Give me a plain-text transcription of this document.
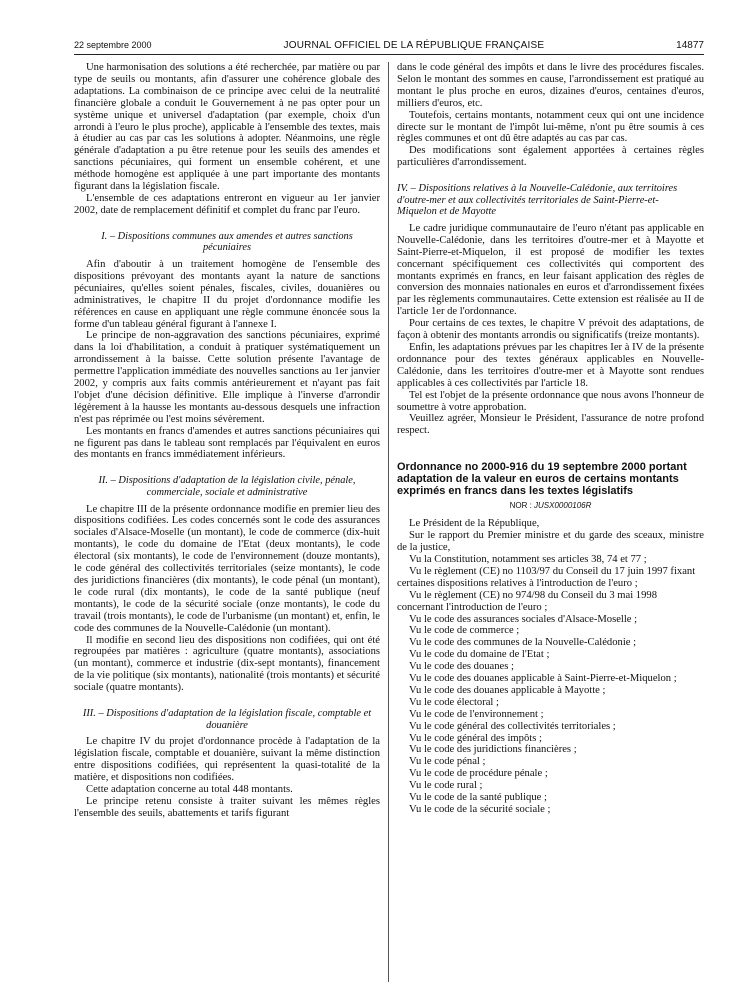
22 septembre 2000	JOURNAL OFFICIEL DE LA RÉPUBLIQUE FRANÇAISE	14877

Une harmonisation des solutions a été recherchée, par matière ou par type de seuils ou montants, afin d'assurer une cohérence globale des adaptations. La combinaison de ce principe avec celui de la neutralité financière globale a conduit le Gouvernement à ne pas opter pour un système unique et universel d'adaptation (par exemple, choix d'un arrondi à l'euro le plus proche), applicable à l'ensemble des textes, mais à étudier au cas par cas les solutions à adopter. Néanmoins, une règle générale d'adaptation a pu être retenue pour les seuils des amendes et sanctions pécuniaires, qui forment un ensemble cohérent, et une méthode homogène est appliquée à une part importante des montants figurant dans la législation fiscale.

L'ensemble de ces adaptations entreront en vigueur au 1er janvier 2002, date de remplacement définitif et complet du franc par l'euro.

I. – Dispositions communes aux amendes et autres sanctions pécuniaires

Afin d'aboutir à un traitement homogène de l'ensemble des dispositions prévoyant des montants ayant la nature de sanctions pécuniaires, qu'elles soient pénales, fiscales, civiles, douanières ou administratives, le chapitre II du projet d'ordonnance modifie les références en cause en appliquant une règle commune énoncée sous la forme d'un tableau général figurant à l'annexe I.

Le principe de non-aggravation des sanctions pécuniaires, exprimé dans la loi d'habilitation, a conduit à pratiquer systématiquement un arrondissement à la baisse. Cette solution présente l'avantage de permettre l'application immédiate des nouvelles sanctions au 1er janvier 2002, y compris aux faits commis antérieurement et n'ayant pas fait l'objet d'une décision définitive. Elle implique à l'inverse d'arrondir légèrement à la hausse les montants au-dessous desquels une infraction n'est pas réprimée ou l'est moins sévèrement.

Les montants en francs d'amendes et autres sanctions pécuniaires qui ne figurent pas dans le tableau sont remplacés par l'équivalent en euros des montants en francs immédiatement inférieurs.

II. – Dispositions d'adaptation de la législation civile, pénale, commerciale, sociale et administrative

Le chapitre III de la présente ordonnance modifie en premier lieu des dispositions codifiées. Les codes concernés sont le code des assurances sociales d'Alsace-Moselle (un montant), le code de commerce (dix-huit montants), le code du domaine de l'Etat (deux montants), le code électoral (six montants), le code de l'environnement (douze montants), le code général des collectivités territoriales (seize montants), le code des juridictions financières (dix montants), le code pénal (un montant), le code rural (dix montants), le code de la santé publique (neuf montants), le code de la sécurité sociale (onze montants), le code du travail (trois montants), le code de l'urbanisme (un montant) et, enfin, le code des communes de la Nouvelle-Calédonie (un montant).

Il modifie en second lieu des dispositions non codifiées, qui ont été regroupées par matières : agriculture (quatre montants), associations (un montant), commerce et industrie (dix-sept montants), financement de la vie politique (six montants), nationalité (trois montants) et sécurité sociale (quatre montants).

III. – Dispositions d'adaptation de la législation fiscale, comptable et douanière

Le chapitre IV du projet d'ordonnance procède à l'adaptation de la législation fiscale, comptable et douanière, suivant la même distinction entre dispositions codifiées, qui représentent la quasi-totalité de la matière, et dispositions non codifiées.

Cette adaptation concerne au total 448 montants.

Le principe retenu consiste à traiter suivant les mêmes règles l'ensemble des seuils, abattements et tarifs figurant

dans le code général des impôts et dans le livre des procédures fiscales. Selon le montant des sommes en cause, l'arrondissement est pratiqué au montant le plus proche en euros, dizaines d'euros, centaines d'euros, milliers d'euros, etc.

Toutefois, certains montants, notamment ceux qui ont une incidence directe sur le montant de l'impôt lui-même, n'ont pu être soumis à ces règles communes et ont dû être adaptés au cas par cas.

Des modifications sont également apportées à certaines règles particulières d'arrondissement.

IV. – Dispositions relatives à la Nouvelle-Calédonie, aux territoires d'outre-mer et aux collectivités territoriales de Saint-Pierre-et-Miquelon et de Mayotte

Le cadre juridique communautaire de l'euro n'étant pas applicable en Nouvelle-Calédonie, dans les territoires d'outre-mer et à Mayotte et Saint-Pierre-et-Miquelon, il est proposé de modifier les textes concernant spécifiquement ces collectivités qui comportent des montants exprimés en francs, en leur faisant application des règles de conversion des monnaies nationales en euros et d'arrondissement fixées par les règlements communautaires. Cette extension est réalisée au II de l'article 1er de l'ordonnance.

Pour certains de ces textes, le chapitre V prévoit des adaptations, de façon à obtenir des montants arrondis ou significatifs (treize montants).

Enfin, les adaptations prévues par les chapitres Ier à IV de la présente ordonnance pour des textes généraux applicables en Nouvelle-Calédonie, dans les territoires d'outre-mer et à Mayotte sont rendues applicables à ces collectivités par l'article 18.

Tel est l'objet de la présente ordonnance que nous avons l'honneur de soumettre à votre approbation.

Veuillez agréer, Monsieur le Président, l'assurance de notre profond respect.

Ordonnance no 2000-916 du 19 septembre 2000 portant adaptation de la valeur en euros de certains montants exprimés en francs dans les textes législatifs
NOR : JUSX0000106R

Le Président de la République,

Sur le rapport du Premier ministre et du garde des sceaux, ministre de la justice,

Vu la Constitution, notamment ses articles 38, 74 et 77 ;

Vu le règlement (CE) no 1103/97 du Conseil du 17 juin 1997 fixant certaines dispositions relatives à l'introduction de l'euro ;

Vu le règlement (CE) no 974/98 du Conseil du 3 mai 1998 concernant l'introduction de l'euro ;

Vu le code des assurances sociales d'Alsace-Moselle ;

Vu le code de commerce ;

Vu le code des communes de la Nouvelle-Calédonie ;

Vu le code du domaine de l'Etat ;

Vu le code des douanes ;

Vu le code des douanes applicable à Saint-Pierre-et-Miquelon ;

Vu le code des douanes applicable à Mayotte ;

Vu le code électoral ;

Vu le code de l'environnement ;

Vu le code général des collectivités territoriales ;

Vu le code général des impôts ;

Vu le code des juridictions financières ;

Vu le code pénal ;

Vu le code de procédure pénale ;

Vu le code rural ;

Vu le code de la santé publique ;

Vu le code de la sécurité sociale ;
